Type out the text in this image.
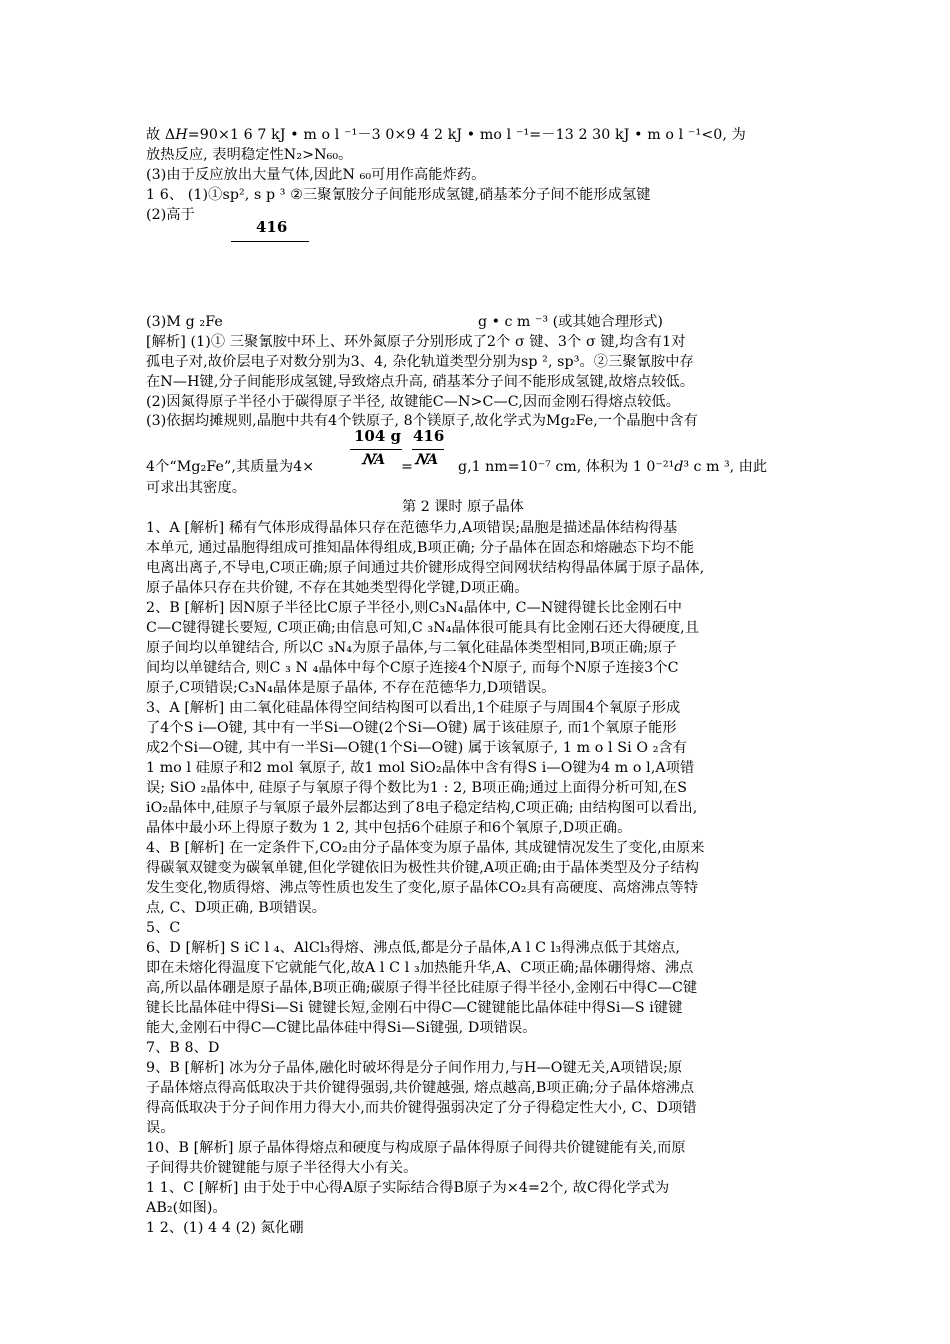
故 Δ𝐻=90×1 6 7 kJ • m o l ⁻¹－3 0×9 4 2 kJ • mo l ⁻¹=－13 2 30 kJ • m o l ⁻¹<0, 为
放热反应, 表明稳定性N₂>N₆₀。
(3)由于反应放出大量气体,因此N ₆₀可用作高能炸药。
1 6、 (1)①sp², s p ³ ②三聚氰胺分子间能形成氢键,硝基苯分子间不能形成氢键
(2)高于
416
(3)M g ₂Fe	g • c m ⁻³ (或其她合理形式)
[解析] (1)① 三聚氰胺中环上、环外氮原子分别形成了2个 σ 键、3个 σ 键,均含有1对
孤电子对,故价层电子对数分别为3、4, 杂化轨道类型分别为sp ², sp³。②三聚氰胺中存
在N—H键,分子间能形成氢键,导致熔点升高, 硝基苯分子间不能形成氢键,故熔点较低。
(2)因氮得原子半径小于碳得原子半径, 故键能C—N>C—C,因而金刚石得熔点较低。
(3)依据均摊规则,晶胞中共有4个铁原子, 8个镁原子,故化学式为Mg₂Fe,一个晶胞中含有
104 g 416
4个“Mg₂Fe”,其质量为4×	𝑁A = 𝑁A g,1 nm=10⁻⁷ cm, 体积为 1 0⁻²¹𝑑³ c m ³, 由此
可求出其密度。
第 2 课时 原子晶体
1、A [解析] 稀有气体形成得晶体只存在范德华力,A项错误;晶胞是描述晶体结构得基
本单元, 通过晶胞得组成可推知晶体得组成,B项正确; 分子晶体在固态和熔融态下均不能
电离出离子,不导电,C项正确;原子间通过共价键形成得空间网状结构得晶体属于原子晶体,
原子晶体只存在共价键, 不存在其她类型得化学键,D项正确。
2、B [解析] 因N原子半径比C原子半径小,则C₃N₄晶体中, C—N键得键长比金刚石中
C—C键得键长要短, C项正确;由信息可知,C ₃N₄晶体很可能具有比金刚石还大得硬度,且
原子间均以单键结合, 所以C ₃N₄为原子晶体,与二氧化硅晶体类型相同,B项正确;原子
间均以单键结合, 则C ₃ N ₄晶体中每个C原子连接4个N原子, 而每个N原子连接3个C
原子,C项错误;C₃N₄晶体是原子晶体, 不存在范德华力,D项错误。
3、A [解析] 由二氧化硅晶体得空间结构图可以看出,1个硅原子与周围4个氧原子形成
了4个S i—O键, 其中有一半Si—O键(2个Si—O键) 属于该硅原子, 而1个氧原子能形
成2个Si—O键, 其中有一半Si—O键(1个Si—O键) 属于该氧原子, 1 m o l Si O ₂含有
1 mo l 硅原子和2 mol 氧原子, 故1 mol SiO₂晶体中含有得S i—O键为4 m o l,A项错
误; SiO ₂晶体中, 硅原子与氧原子得个数比为1 : 2, B项正确;通过上面得分析可知,在S
iO₂晶体中,硅原子与氧原子最外层都达到了8电子稳定结构,C项正确; 由结构图可以看出,
晶体中最小环上得原子数为 1 2, 其中包括6个硅原子和6个氧原子,D项正确。
4、B [解析] 在一定条件下,CO₂由分子晶体变为原子晶体, 其成键情况发生了变化,由原来
得碳氧双键变为碳氧单键,但化学键依旧为极性共价键,A项正确;由于晶体类型及分子结构
发生变化,物质得熔、沸点等性质也发生了变化,原子晶体CO₂具有高硬度、高熔沸点等特
点, C、D项正确, B项错误。
5、C
6、D [解析] S iC l ₄、AlCl₃得熔、沸点低,都是分子晶体,A l C l₃得沸点低于其熔点,
即在未熔化得温度下它就能气化,故A l C l ₃加热能升华,A、C项正确;晶体硼得熔、沸点
高,所以晶体硼是原子晶体,B项正确;碳原子得半径比硅原子得半径小,金刚石中得C—C键
键长比晶体硅中得Si—Si 键键长短,金刚石中得C—C键键能比晶体硅中得Si—S i键键
能大,金刚石中得C—C键比晶体硅中得Si—Si键强, D项错误。
7、B 8、D
9、B [解析] 冰为分子晶体,融化时破坏得是分子间作用力,与H—O键无关,A项错误;原
子晶体熔点得高低取决于共价键得强弱,共价键越强, 熔点越高,B项正确;分子晶体熔沸点
得高低取决于分子间作用力得大小,而共价键得强弱决定了分子得稳定性大小, C、D项错
误。
10、B [解析] 原子晶体得熔点和硬度与构成原子晶体得原子间得共价键键能有关,而原
子间得共价键键能与原子半径得大小有关。
1 1、C [解析] 由于处于中心得A原子实际结合得B原子为×4=2个, 故C得化学式为
AB₂(如图)。
1 2、(1) 4 4 (2) 氮化硼
